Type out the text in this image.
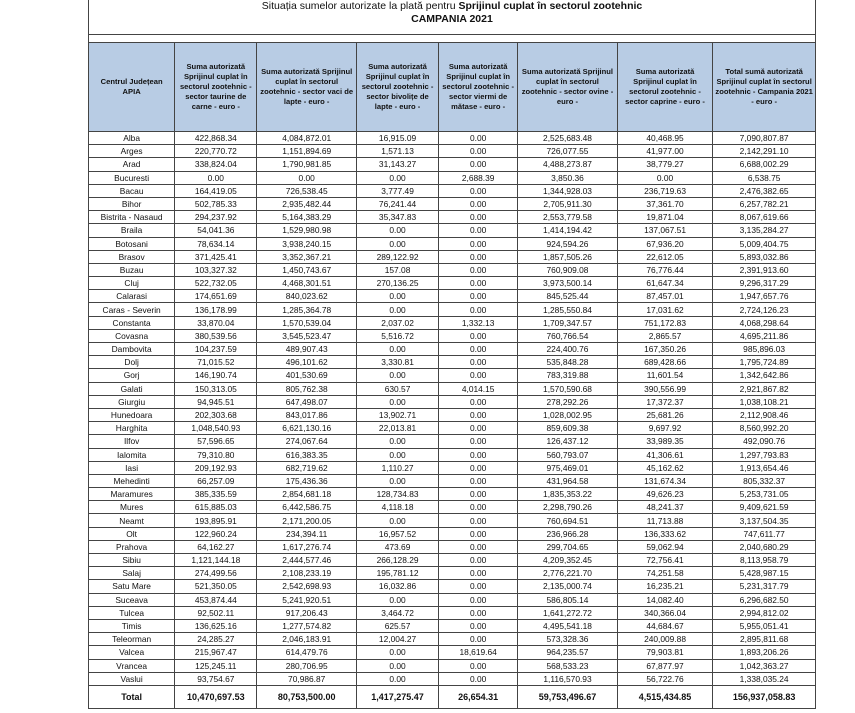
Situația sumelor autorizate la plată pentru Sprijinul cuplat în sectorul zootehnic
CAMPANIA 2021
Centrul Județean APIA	Suma autorizată Sprijinul cuplat în sectorul zootehnic - sector taurine de carne - euro -	Suma autorizată Sprijinul cuplat în sectorul zootehnic - sector vaci de lapte - euro -	Suma autorizată Sprijinul cuplat în sectorul zootehnic - sector bivolițe de lapte - euro -	Suma autorizată Sprijinul cuplat în sectorul zootehnic - sector viermi de mătase - euro -	Suma autorizată Sprijinul cuplat în sectorul zootehnic - sector ovine - euro -	Suma autorizată Sprijinul cuplat în sectorul zootehnic - sector caprine - euro -	Total sumă autorizată Sprijinul cuplat în sectorul zootehnic - Campania 2021 - euro -
Alba	422,868.34	4,084,872.01	16,915.09	0.00	2,525,683.48	40,468.95	7,090,807.87
Arges	220,770.72	1,151,894.69	1,571.13	0.00	726,077.55	41,977.00	2,142,291.10
Arad	338,824.04	1,790,981.85	31,143.27	0.00	4,488,273.87	38,779.27	6,688,002.29
Bucuresti	0.00	0.00	0.00	2,688.39	3,850.36	0.00	6,538.75
Bacau	164,419.05	726,538.45	3,777.49	0.00	1,344,928.03	236,719.63	2,476,382.65
Bihor	502,785.33	2,935,482.44	76,241.44	0.00	2,705,911.30	37,361.70	6,257,782.21
Bistrita - Nasaud	294,237.92	5,164,383.29	35,347.83	0.00	2,553,779.58	19,871.04	8,067,619.66
Braila	54,041.36	1,529,980.98	0.00	0.00	1,414,194.42	137,067.51	3,135,284.27
Botosani	78,634.14	3,938,240.15	0.00	0.00	924,594.26	67,936.20	5,009,404.75
Brasov	371,425.41	3,352,367.21	289,122.92	0.00	1,857,505.26	22,612.05	5,893,032.86
Buzau	103,327.32	1,450,743.67	157.08	0.00	760,909.08	76,776.44	2,391,913.60
Cluj	522,732.05	4,468,301.51	270,136.25	0.00	3,973,500.14	61,647.34	9,296,317.29
Calarasi	174,651.69	840,023.62	0.00	0.00	845,525.44	87,457.01	1,947,657.76
Caras - Severin	136,178.99	1,285,364.78	0.00	0.00	1,285,550.84	17,031.62	2,724,126.23
Constanta	33,870.04	1,570,539.04	2,037.02	1,332.13	1,709,347.57	751,172.83	4,068,298.64
Covasna	380,539.56	3,545,523.47	5,516.72	0.00	760,766.54	2,865.57	4,695,211.86
Dambovita	104,237.59	489,907.43	0.00	0.00	224,400.76	167,350.26	985,896.03
Dolj	71,015.52	496,101.62	3,330.81	0.00	535,848.28	689,428.66	1,795,724.89
Gorj	146,190.74	401,530.69	0.00	0.00	783,319.88	11,601.54	1,342,642.86
Galati	150,313.05	805,762.38	630.57	4,014.15	1,570,590.68	390,556.99	2,921,867.82
Giurgiu	94,945.51	647,498.07	0.00	0.00	278,292.26	17,372.37	1,038,108.21
Hunedoara	202,303.68	843,017.86	13,902.71	0.00	1,028,002.95	25,681.26	2,112,908.46
Harghita	1,048,540.93	6,621,130.16	22,013.81	0.00	859,609.38	9,697.92	8,560,992.20
Ilfov	57,596.65	274,067.64	0.00	0.00	126,437.12	33,989.35	492,090.76
Ialomita	79,310.80	616,383.35	0.00	0.00	560,793.07	41,306.61	1,297,793.83
Iasi	209,192.93	682,719.62	1,110.27	0.00	975,469.01	45,162.62	1,913,654.46
Mehedinti	66,257.09	175,436.36	0.00	0.00	431,964.58	131,674.34	805,332.37
Maramures	385,335.59	2,854,681.18	128,734.83	0.00	1,835,353.22	49,626.23	5,253,731.05
Mures	615,885.03	6,442,586.75	4,118.18	0.00	2,298,790.26	48,241.37	9,409,621.59
Neamt	193,895.91	2,171,200.05	0.00	0.00	760,694.51	11,713.88	3,137,504.35
Olt	122,960.24	234,394.11	16,957.52	0.00	236,966.28	136,333.62	747,611.77
Prahova	64,162.27	1,617,276.74	473.69	0.00	299,704.65	59,062.94	2,040,680.29
Sibiu	1,121,144.18	2,444,577.46	266,128.29	0.00	4,209,352.45	72,756.41	8,113,958.79
Salaj	274,499.56	2,108,233.19	195,781.12	0.00	2,776,221.70	74,251.58	5,428,987.15
Satu Mare	521,350.05	2,542,698.93	16,032.86	0.00	2,135,000.74	16,235.21	5,231,317.79
Suceava	453,874.44	5,241,920.51	0.00	0.00	586,805.14	14,082.40	6,296,682.50
Tulcea	92,502.11	917,206.43	3,464.72	0.00	1,641,272.72	340,366.04	2,994,812.02
Timis	136,625.16	1,277,574.82	625.57	0.00	4,495,541.18	44,684.67	5,955,051.41
Teleorman	24,285.27	2,046,183.91	12,004.27	0.00	573,328.36	240,009.88	2,895,811.68
Valcea	215,967.47	614,479.76	0.00	18,619.64	964,235.57	79,903.81	1,893,206.26
Vrancea	125,245.11	280,706.95	0.00	0.00	568,533.23	67,877.97	1,042,363.27
Vaslui	93,754.67	70,986.87	0.00	0.00	1,116,570.93	56,722.76	1,338,035.24
Total	10,470,697.53	80,753,500.00	1,417,275.47	26,654.31	59,753,496.67	4,515,434.85	156,937,058.83
